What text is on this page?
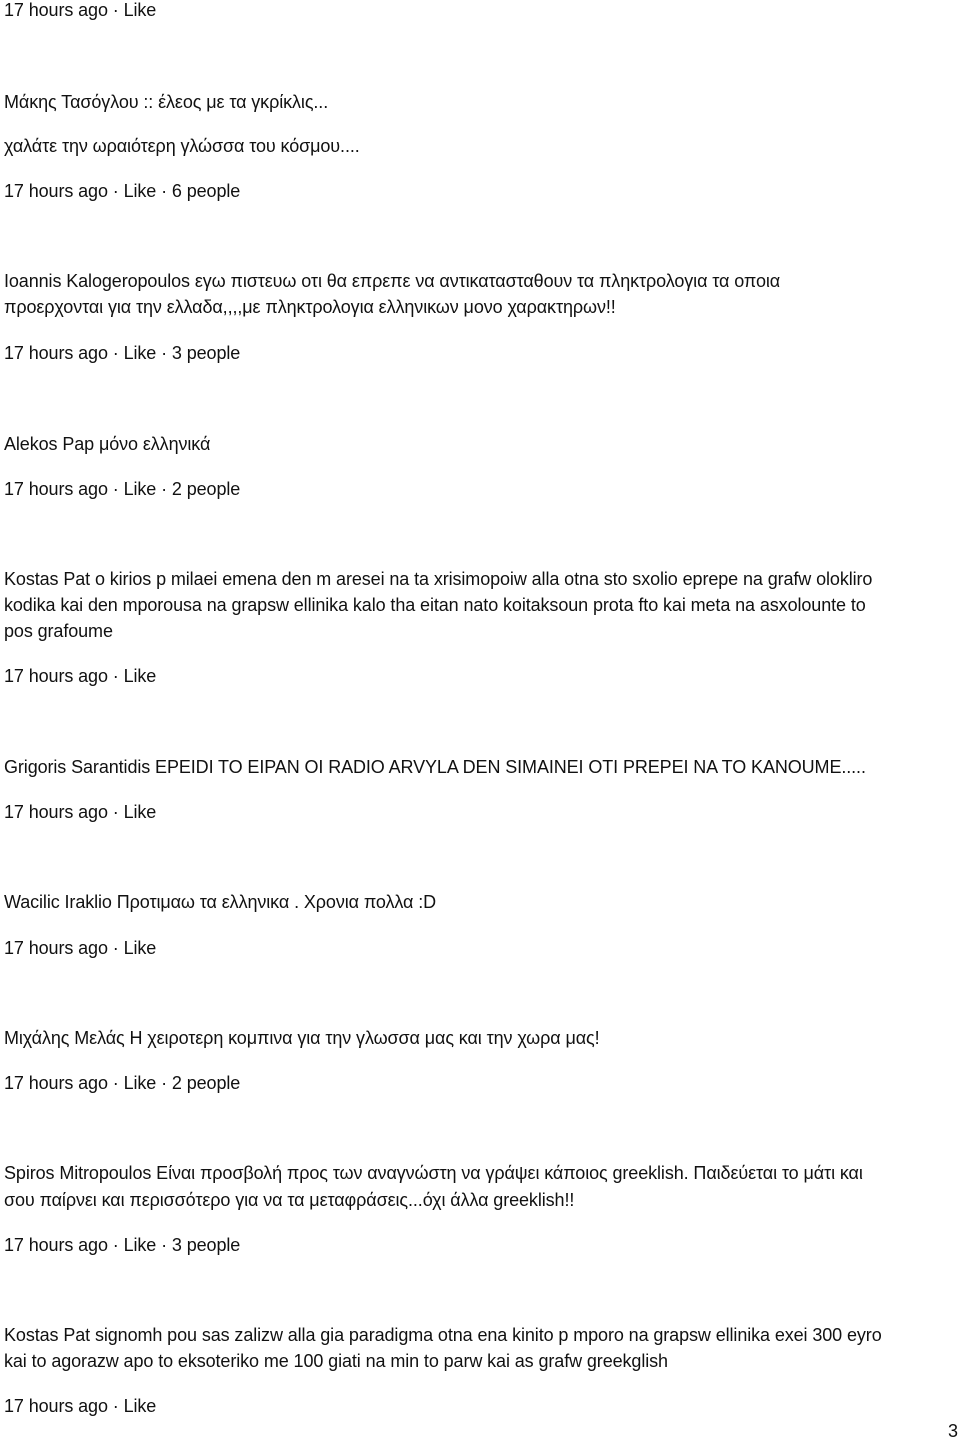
17 hours ago · Like
Μάκης Τασόγλου :: έλεος με τα γκρίκλις...
χαλάτε την ωραιότερη γλώσσα του κόσμου....
17 hours ago · Like · 6 people
Ioannis Kalogeropoulos εγω πιστευω οτι θα επρεπε να αντικατασταθουν τα πληκτρολογια τα οποια
προερχονται για την ελλαδα,,,,με πληκτρολογια ελληνικων μονο χαρακτηρων!!
17 hours ago · Like · 3 people
Alekos Pap μόνο ελληνικά
17 hours ago · Like · 2 people
Kostas Pat o kirios p milaei emena den m aresei na ta xrisimopoiw alla otna sto sxolio eprepe na grafw olokliro
kodika kai den mporousa na grapsw ellinika kalo tha eitan nato koitaksoun prota fto kai meta na asxolounte to
pos grafoume
17 hours ago · Like
Grigoris Sarantidis EPEIDI TO EIPAN OI RADIO ARVYLA DEN SIMAINEI OTI PREPEI NA TO KANOUME.....
17 hours ago · Like
Wacilic Iraklio Προτιμαω τα ελληνικα . Χρονια πολλα :D
17 hours ago · Like
Μιχάλης Μελάς Η χειροτερη κομπινα για την γλωσσα μας και την χωρα μας!
17 hours ago · Like · 2 people
Spiros Mitropoulos Είναι προσβολή προς των αναγνώστη να γράψει κάποιος greeklish. Παιδεύεται το μάτι και
σου παίρνει και περισσότερο για να τα μεταφράσεις...όχι άλλα greeklish!!
17 hours ago · Like · 3 people
Kostas Pat signomh pou sas zalizw alla gia paradigma otna ena kinito p mporo na grapsw ellinika exei 300 eyro
kai to agorazw apo to eksoteriko me 100 giati na min to parw kai as grafw greekglish
17 hours ago · Like
3
